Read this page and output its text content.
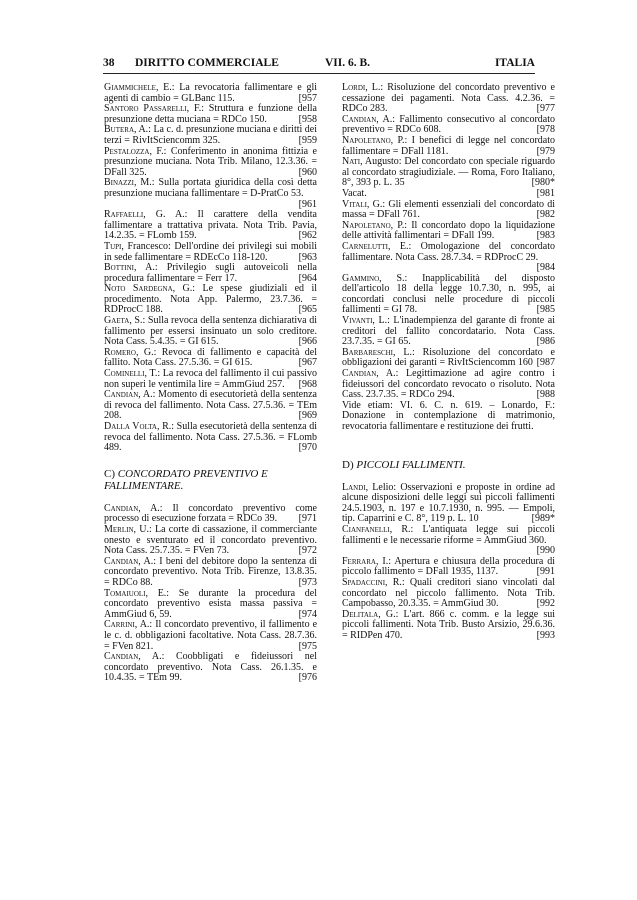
38 DIRITTO COMMERCIALE	VII. 6. B.	ITALIA

Giammichele, E.: La revocatoria fallimentare e gli agenti di cambio = GLBanc 115.	[957

Santoro Passarelli, F.: Struttura e funzione della presunzione detta muciana = RDCo 150.	[958

Butera, A.: La c. d. presunzione muciana e diritti dei terzi = RivItSciencomm 325.	[959

Pestalozza, F.: Conferimento in anonima fittizia e presunzione muciana. Nota Trib. Milano, 12.3.36. = DFall 325.	[960

Binazzi, M.: Sulla portata giuridica della così detta presunzione muciana fallimentare = D-PratCo 53.
[961

Raffaelli, G. A.: Il carattere della vendita fallimentare a trattativa privata. Nota Trib. Pavia, 14.2.35. = FLomb 159.	[962

Tupi, Francesco: Dell'ordine dei privilegi sui mobili in sede fallimentare = RDEcCo 118-120.	[963

Bottini, A.: Privilegio sugli autoveicoli nella procedura fallimentare = Ferr 17.	[964

Noto Sardegna, G.: Le spese giudiziali ed il procedimento. Nota App. Palermo, 23.7.36. = RDProcC 188.	[965

Gaeta, S.: Sulla revoca della sentenza dichiarativa di fallimento per essersi insinuato un solo creditore. Nota Cass. 5.4.35. = GI 615.	[966

Romero, G.: Revoca di fallimento e capacità del fallito. Nota Cass. 27.5.36. = GI 615.	[967

Cominelli, T.: La revoca del fallimento il cui passivo non superi le ventimila lire = AmmGiud 257. [968

Candian, A.: Momento di esecutorietà della sentenza di revoca del fallimento. Nota Cass. 27.5.36. = TEm 208.	[969

Dalla Volta, R.: Sulla esecutorietà della sentenza di revoca del fallimento. Nota Cass. 27.5.36. = FLomb 489.	[970

C) CONCORDATO PREVENTIVO E FALLIMENTARE.

Candian, A.: Il concordato preventivo come processo di esecuzione forzata = RDCo 39. [971

Merlin, U.: La corte di cassazione, il commerciante onesto e sventurato ed il concordato preventivo. Nota Cass. 25.7.35. = FVen 73.	[972

Candian, A.: I beni del debitore dopo la sentenza di concordato preventivo. Nota Trib. Firenze, 13.8.35. = RDCo 88.	[973

Tomaiuoli, E.: Se durante la procedura del concordato preventivo esista massa passiva = AmmGiud 6, 59.	[974

Carrini, A.: Il concordato preventivo, il fallimento e le c. d. obbligazioni facoltative. Nota Cass. 28.7.36. = FVen 821.	[975

Candian, A.: Coobbligati e fideiussori nel concordato preventivo. Nota Cass. 26.1.35. e 10.4.35. = TEm 99.	[976

Lordi, L.: Risoluzione del concordato preventivo e cessazione dei pagamenti. Nota Cass. 4.2.36. = RDCo 283.	[977

Candian, A.: Fallimento consecutivo al concordato preventivo = RDCo 608.	[978

Napoletano, P.: I benefici di legge nel concordato fallimentare = DFall 1181.	[979

Nati, Augusto: Del concordato con speciale riguardo al concordato stragiudiziale. — Roma, Foro Italiano, 8°, 393 p. L. 35	[980*

Vacat.	[981

Vitali, G.: Gli elementi essenziali del concordato di massa = DFall 761.	[982

Napoletano, P.: Il concordato dopo la liquidazione delle attività fallimentari = DFall 199.	[983

Carnelutti, E.: Omologazione del concordato fallimentare. Nota Cass. 28.7.34. = RDProcC 29.
[984

Gammino, S.: Inapplicabilità del disposto dell'articolo 18 della legge 10.7.30, n. 995, ai concordati conclusi nelle procedure di piccoli fallimenti = GI 78.	[985

Vivanti, L.: L'inadempienza del garante di fronte ai creditori del fallito concordatario. Nota Cass. 23.7.35. = GI 65.	[986

Barbareschi, L.: Risoluzione del concordato e obbligazioni dei garanti = RivItSciencomm 160 [987

Candian, A.: Legittimazione ad agire contro i fideiussori del concordato revocato o risoluto. Nota Cass. 23.7.35. = RDCo 294.	[988

Vide etiam: VI. 6. C. n. 619. – Lonardo, F.: Donazione in contemplazione di matrimonio, revocatoria fallimentare e restituzione dei frutti.

D) PICCOLI FALLIMENTI.

Landi, Lelio: Osservazioni e proposte in ordine ad alcune disposizioni delle leggi sui piccoli fallimenti 24.5.1903, n. 197 e 10.7.1930, n. 995. — Empoli, tip. Caparrini e C. 8°, 119 p. L. 10	[989*

Cianfanelli, R.: L'antiquata legge sui piccoli fallimenti e le necessarie riforme = AmmGiud 360.
[990

Ferrara, I.: Apertura e chiusura della procedura di piccolo fallimento = DFall 1935, 1137.	[991

Spadaccini, R.: Quali creditori siano vincolati dal concordato nel piccolo fallimento. Nota Trib. Campobasso, 20.3.35. = AmmGiud 30.	[992

Delitala, G.: L'art. 866 c. comm. e la legge sui piccoli fallimenti. Nota Trib. Busto Arsizio, 29.6.36. = RIDPen 470.	[993
